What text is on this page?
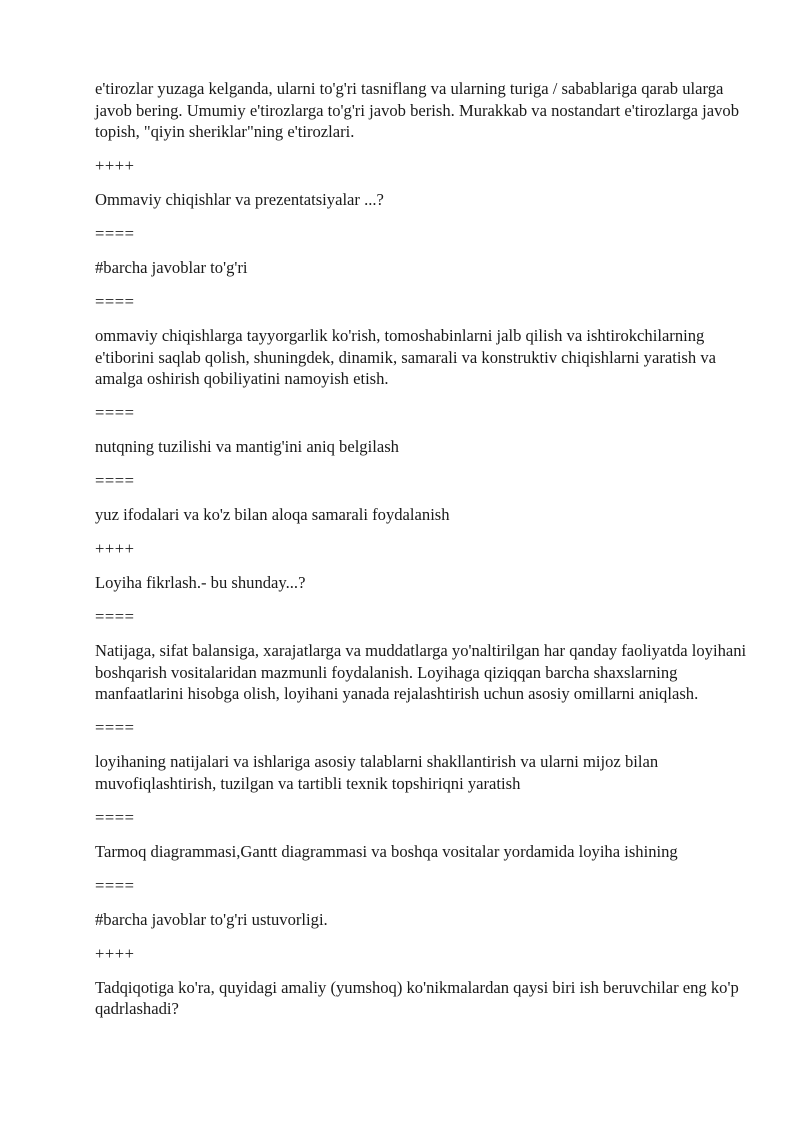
e'tirozlar yuzaga kelganda, ularni to'g'ri tasniflang va ularning turiga / sabablariga qarab ularga javob bering. Umumiy e'tirozlarga to'g'ri javob berish. Murakkab va nostandart e'tirozlarga javob topish, "qiyin sheriklar"ning e'tirozlari.

++++

Ommaviy chiqishlar va prezentatsiyalar ...?

====

#barcha javoblar to'g'ri

====

ommaviy chiqishlarga tayyorgarlik ko'rish, tomoshabinlarni jalb qilish va ishtirokchilarning e'tiborini saqlab qolish, shuningdek, dinamik, samarali va konstruktiv chiqishlarni yaratish va amalga oshirish qobiliyatini namoyish etish.

====

nutqning tuzilishi va mantig'ini aniq belgilash

====

yuz ifodalari va ko'z bilan aloqa samarali foydalanish

++++

Loyiha fikrlash.- bu shunday...?

====

Natijaga, sifat balansiga, xarajatlarga va muddatlarga yo'naltirilgan har qanday faoliyatda loyihani boshqarish vositalaridan mazmunli foydalanish. Loyihaga qiziqqan barcha shaxslarning manfaatlarini hisobga olish, loyihani yanada rejalashtirish uchun asosiy omillarni aniqlash.

====

loyihaning natijalari va ishlariga asosiy talablarni shakllantirish va ularni mijoz bilan muvofiqlashtirish, tuzilgan va tartibli texnik topshiriqni yaratish

====

Tarmoq diagrammasi,Gantt diagrammasi va boshqa vositalar yordamida loyiha ishining

====

#barcha javoblar to'g'ri ustuvorligi.

++++

Tadqiqotiga ko'ra, quyidagi amaliy (yumshoq) ko'nikmalardan qaysi biri ish beruvchilar eng ko'p qadrlashadi?
